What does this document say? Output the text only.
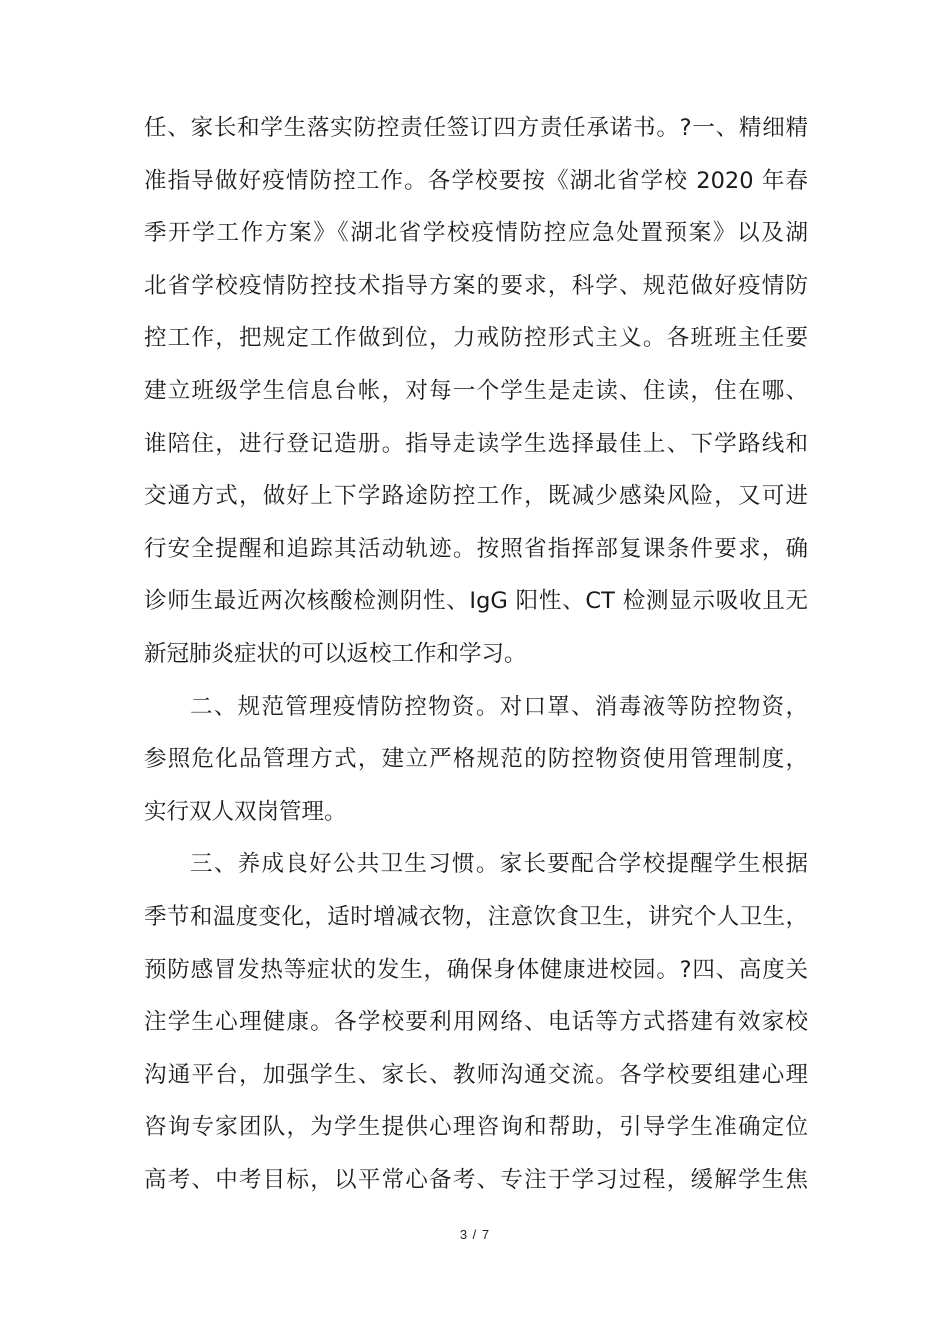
任、家长和学生落实防控责任签订四方责任承诺书。?一、精细精
准指导做好疫情防控工作。各学校要按《湖北省学校 2020 年春
季开学工作方案》《湖北省学校疫情防控应急处置预案》以及湖
北省学校疫情防控技术指导方案的要求，科学、规范做好疫情防
控工作，把规定工作做到位，力戒防控形式主义。各班班主任要
建立班级学生信息台帐，对每一个学生是走读、住读，住在哪、
谁陪住，进行登记造册。指导走读学生选择最佳上、下学路线和
交通方式，做好上下学路途防控工作，既减少感染风险，又可进
行安全提醒和追踪其活动轨迹。按照省指挥部复课条件要求，确
诊师生最近两次核酸检测阴性、IgG 阳性、CT 检测显示吸收且无
新冠肺炎症状的可以返校工作和学习。
二、规范管理疫情防控物资。对口罩、消毒液等防控物资，
参照危化品管理方式，建立严格规范的防控物资使用管理制度，
实行双人双岗管理。
三、养成良好公共卫生习惯。家长要配合学校提醒学生根据
季节和温度变化，适时增减衣物，注意饮食卫生，讲究个人卫生，
预防感冒发热等症状的发生，确保身体健康进校园。?四、高度关
注学生心理健康。各学校要利用网络、电话等方式搭建有效家校
沟通平台，加强学生、家长、教师沟通交流。各学校要组建心理
咨询专家团队，为学生提供心理咨询和帮助，引导学生准确定位
高考、中考目标，以平常心备考、专注于学习过程，缓解学生焦
3 / 7
